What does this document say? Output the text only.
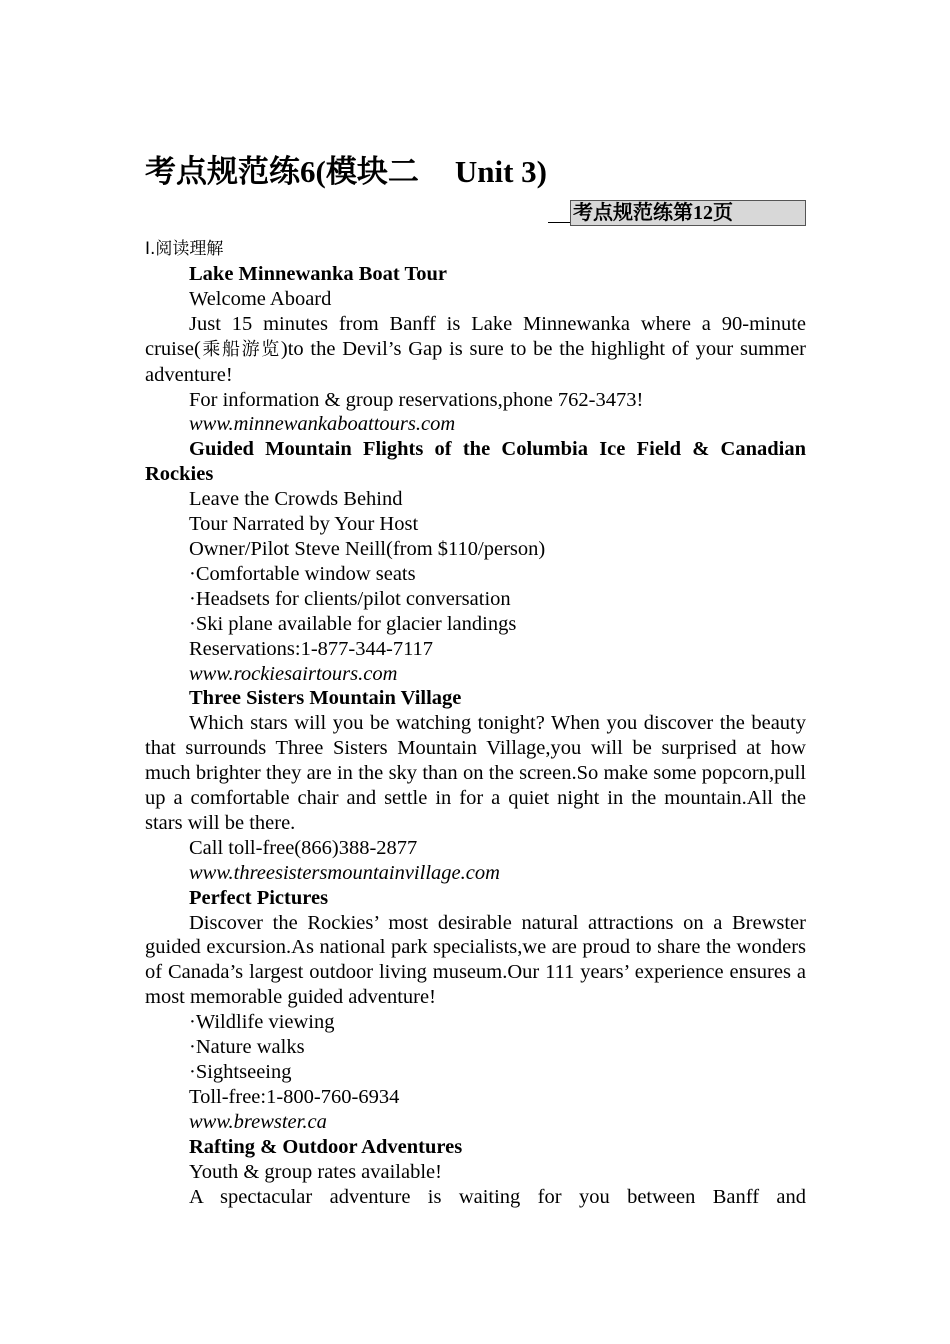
考点规范练6(模块二 Unit 3)
考点规范练第12页
Ⅰ.阅读理解

Lake Minnewanka Boat Tour

Welcome Aboard

Just 15 minutes from Banff is Lake Minnewanka where a 90-minute cruise(乘船游览)to the Devil’s Gap is sure to be the highlight of your summer adventure!

For information & group reservations,phone 762-3473!

www.minnewankaboattours.com

Guided Mountain Flights of the Columbia Ice Field & Canadian Rockies

Leave the Crowds Behind

Tour Narrated by Your Host

Owner/Pilot Steve Neill(from $110/person)

·Comfortable window seats

·Headsets for clients/pilot conversation

·Ski plane available for glacier landings

Reservations:1-877-344-7117

www.rockiesairtours.com

Three Sisters Mountain Village

Which stars will you be watching tonight? When you discover the beauty that surrounds Three Sisters Mountain Village,you will be surprised at how much brighter they are in the sky than on the screen.So make some popcorn,pull up a comfortable chair and settle in for a quiet night in the mountain.All the stars will be there.

Call toll-free(866)388-2877

www.threesistersmountainvillage.com

Perfect Pictures

Discover the Rockies’ most desirable natural attractions on a Brewster guided excursion.As national park specialists,we are proud to share the wonders of Canada’s largest outdoor living museum.Our 111 years’ experience ensures a most memorable guided adventure!

·Wildlife viewing

·Nature walks

·Sightseeing

Toll-free:1-800-760-6934

www.brewster.ca

Rafting & Outdoor Adventures

Youth & group rates available!

A spectacular adventure is waiting for you between Banff and
